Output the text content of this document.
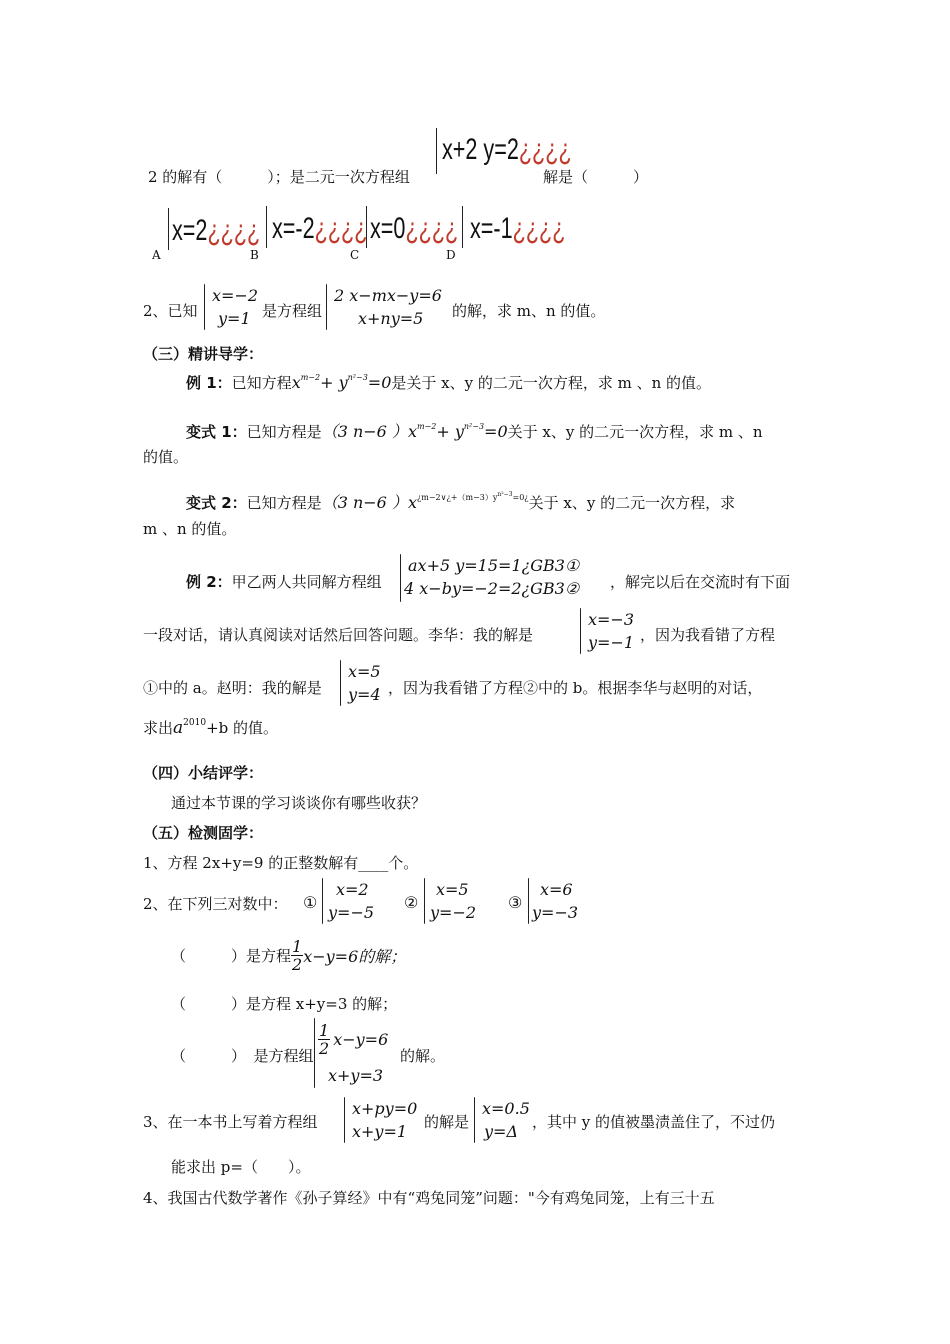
2 的解有（　　　）；是二元一次方程组
x+2 y=2¿¿¿¿
解是（　　　）
A
x=2¿¿¿¿
B
x=-2¿¿¿¿
C
x=0¿¿¿¿
D
x=-1¿¿¿¿
2、已知
x=−2
y=1 是方程组
2 x−mx−y=6
x+ny=5 的解，求 m、n 的值。
（三）精讲导学：
例 1：已知方程$x^{m-2}+ y^{n^2-3}=0$是关于 x、y 的二元一次方程，求 m 、n 的值。
变式 1：已知方程是（3 n−6 ）$x^{m-2}+ y^{n^2-3}=0$关于 x、y 的二元一次方程，求 m 、n
的值。
变式 2：已知方程是（3 n−6 ）$x^{¿m-2\vee¿+(m-3)yn^2-3=0¿}$关于 x、y 的二元一次方程，求
m 、n 的值。
例 2：甲乙两人共同解方程组
ax+5 y=15=1¿GB3①
4 x−by=−2=2¿GB3② ，解完以后在交流时有下面
一段对话，请认真阅读对话然后回答问题。李华：我的解是
x=−3
y=−1 ，因为我看错了方程
①中的 a。赵明：我的解是
x=5
y=4 ，因为我看错了方程②中的 b。根据李华与赵明的对话，
求出$a^{2010}+b$ 的值。
（四）小结评学：
通过本节课的学习谈谈你有哪些收获？
（五）检测固学：
1、方程 2x+y=9 的正整数解有____个。
2、在下列三对数中： ①
x=2
y=−5
②
x=5
y=−2
③
x=6
y=−3
（　　　）是方程 $\frac{1}{2} x-y=6$的解；
（　　　）是方程 x+y=3 的解；
（　　　）　是方程组 $\frac{1}{2} x-y=6$
x+y=3
的解。
3、在一本书上写着方程组
x+py=0
x+y=1 的解是
x=0.5
y=Δ ，其中 y 的值被墨渍盖住了，不过仍
能求出 p=（　　）。
4、我国古代数学著作《孙子算经》中有“鸡兔同笼”问题："今有鸡兔同笼，上有三十五
